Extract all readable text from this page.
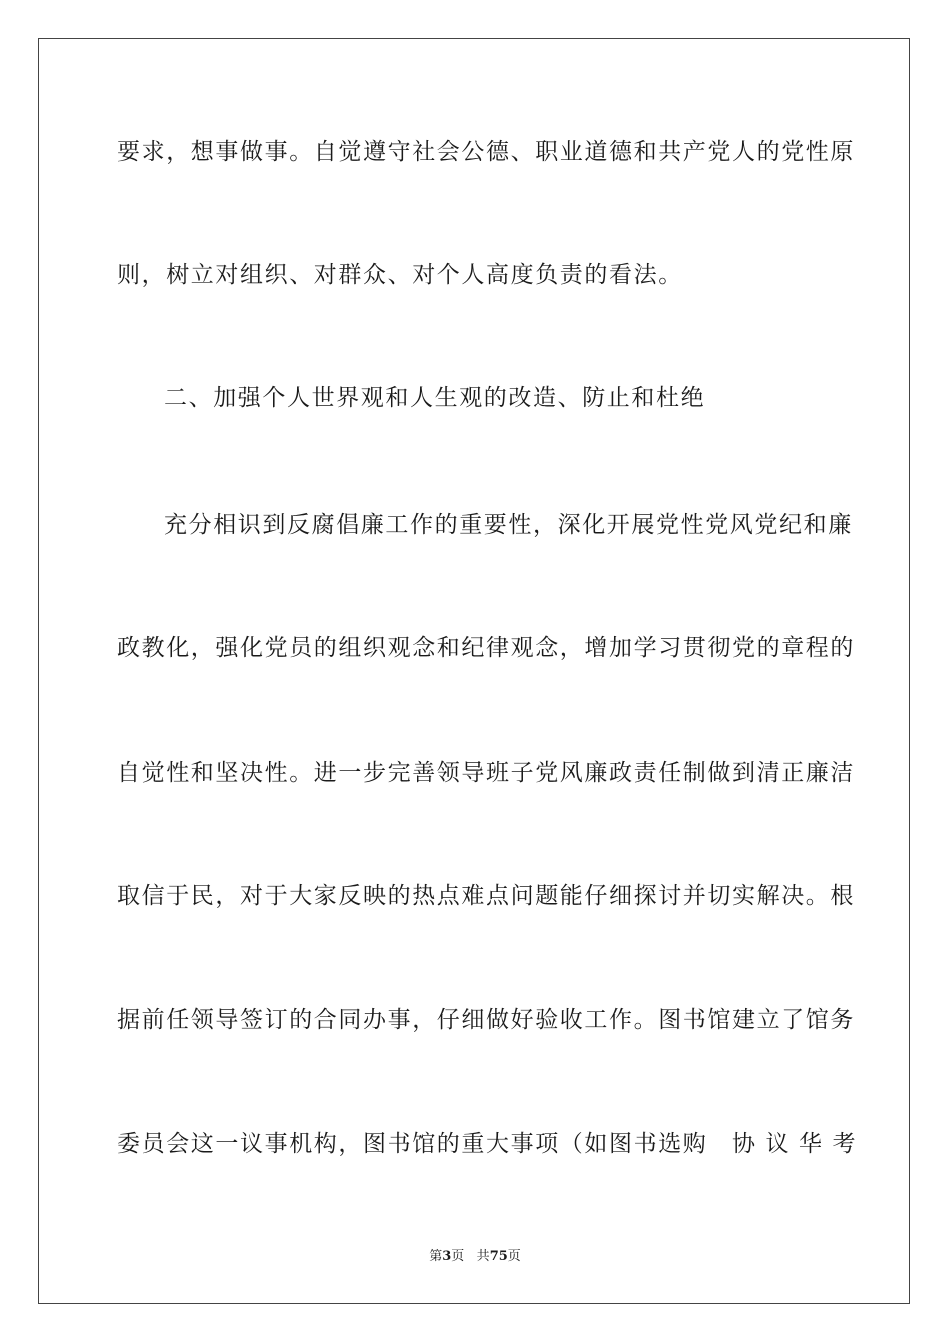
要求，想事做事。自觉遵守社会公德、职业道德和共产党人的党性原
则，树立对组织、对群众、对个人高度负责的看法。
二、加强个人世界观和人生观的改造、防止和杜绝
充分相识到反腐倡廉工作的重要性，深化开展党性党风党纪和廉
政教化，强化党员的组织观念和纪律观念，增加学习贯彻党的章程的
自觉性和坚决性。进一步完善领导班子党风廉政责任制做到清正廉洁
取信于民，对于大家反映的热点难点问题能仔细探讨并切实解决。根
据前任领导签订的合同办事，仔细做好验收工作。图书馆建立了馆务
委员会这一议事机构，图书馆的重大事项（如图书选购　协 议 华 考
第3页 共75页
